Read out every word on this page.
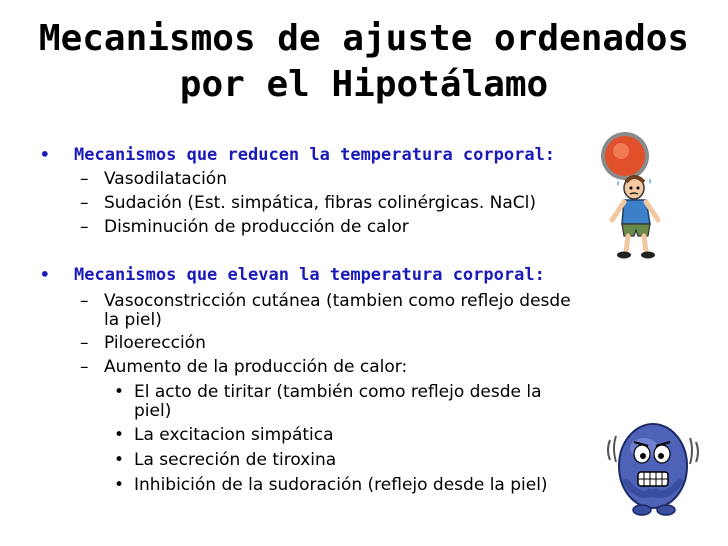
Mecanismos de ajuste ordenados
por el Hipotálamo
• Mecanismos que reducen la temperatura corporal:
– Vasodilatación
– Sudación (Est. simpática, fibras colinérgicas. NaCl)
– Disminución de producción de calor
• Mecanismos que elevan la temperatura corporal:
– Vasoconstricción cutánea (tambien como reflejo desde
la piel)
– Piloerección
– Aumento de la producción de calor:
• El acto de tiritar (también como reflejo desde la
piel)
• La excitacion simpática
• La secreción de tiroxina
• Inhibición de la sudoración (reflejo desde la piel)
